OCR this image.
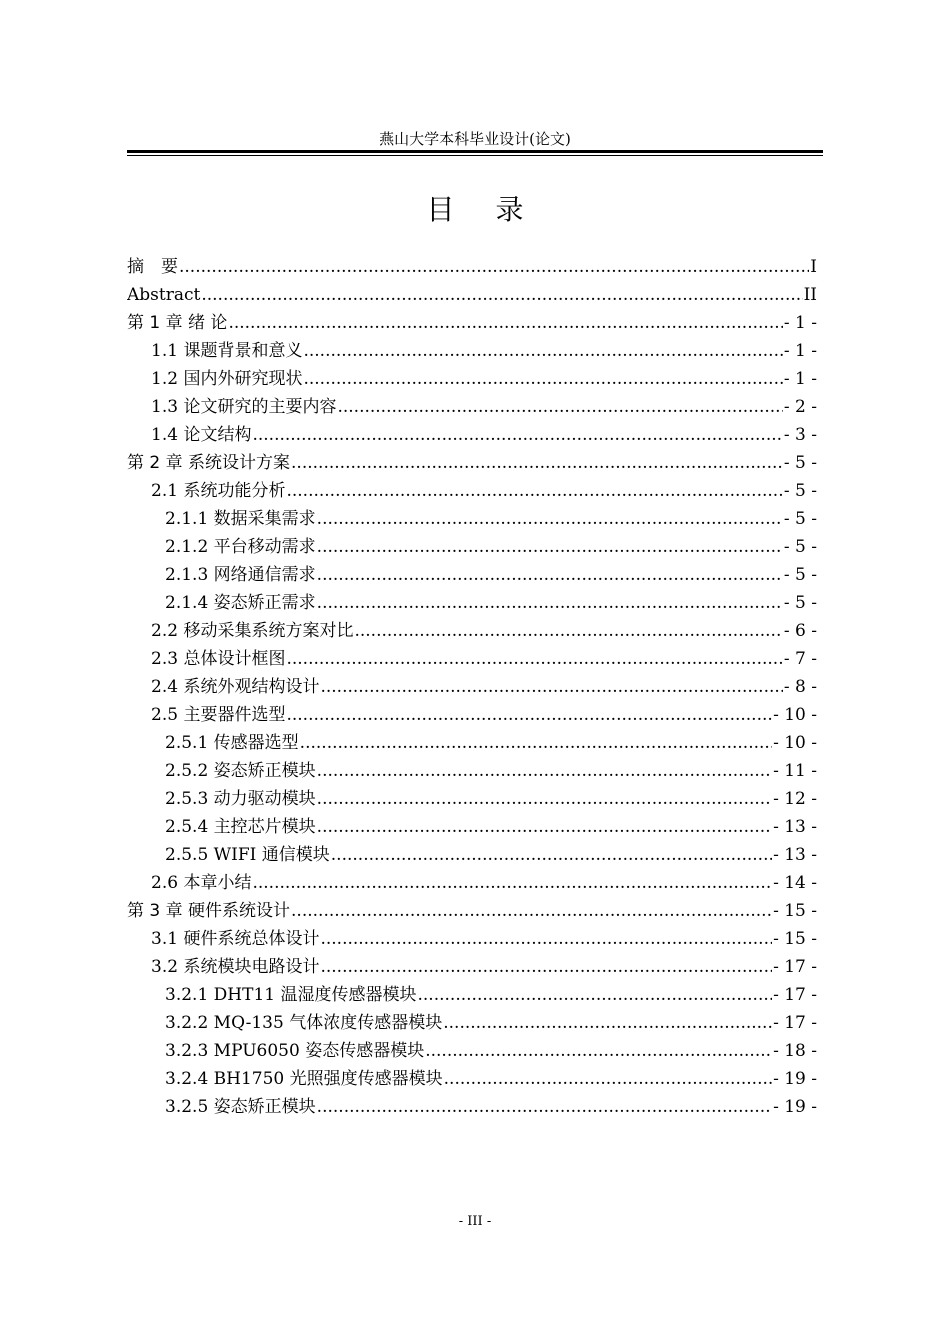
燕山大学本科毕业设计(论文)
目 录
摘　要 .....	I
Abstract .....	II
第 1 章 绪 论 .....	- 1 -
1.1 课题背景和意义 .....	- 1 -
1.2 国内外研究现状 .....	- 1 -
1.3 论文研究的主要内容 .....	- 2 -
1.4 论文结构 .....	- 3 -
第 2 章 系统设计方案 .....	- 5 -
2.1 系统功能分析 .....	- 5 -
2.1.1 数据采集需求 .....	- 5 -
2.1.2 平台移动需求 .....	- 5 -
2.1.3 网络通信需求 .....	- 5 -
2.1.4 姿态矫正需求 .....	- 5 -
2.2 移动采集系统方案对比 .....	- 6 -
2.3 总体设计框图 .....	- 7 -
2.4 系统外观结构设计 .....	- 8 -
2.5 主要器件选型 .....	- 10 -
2.5.1 传感器选型 .....	- 10 -
2.5.2 姿态矫正模块 .....	- 11 -
2.5.3 动力驱动模块 .....	- 12 -
2.5.4 主控芯片模块 .....	- 13 -
2.5.5 WIFI 通信模块 .....	- 13 -
2.6 本章小结 .....	- 14 -
第 3 章 硬件系统设计 .....	- 15 -
3.1 硬件系统总体设计 .....	- 15 -
3.2 系统模块电路设计 .....	- 17 -
3.2.1 DHT11 温湿度传感器模块 .....	- 17 -
3.2.2 MQ-135 气体浓度传感器模块 .....	- 17 -
3.2.3 MPU6050 姿态传感器模块 .....	- 18 -
3.2.4 BH1750 光照强度传感器模块 .....	- 19 -
3.2.5 姿态矫正模块 .....	- 19 -
- III -
